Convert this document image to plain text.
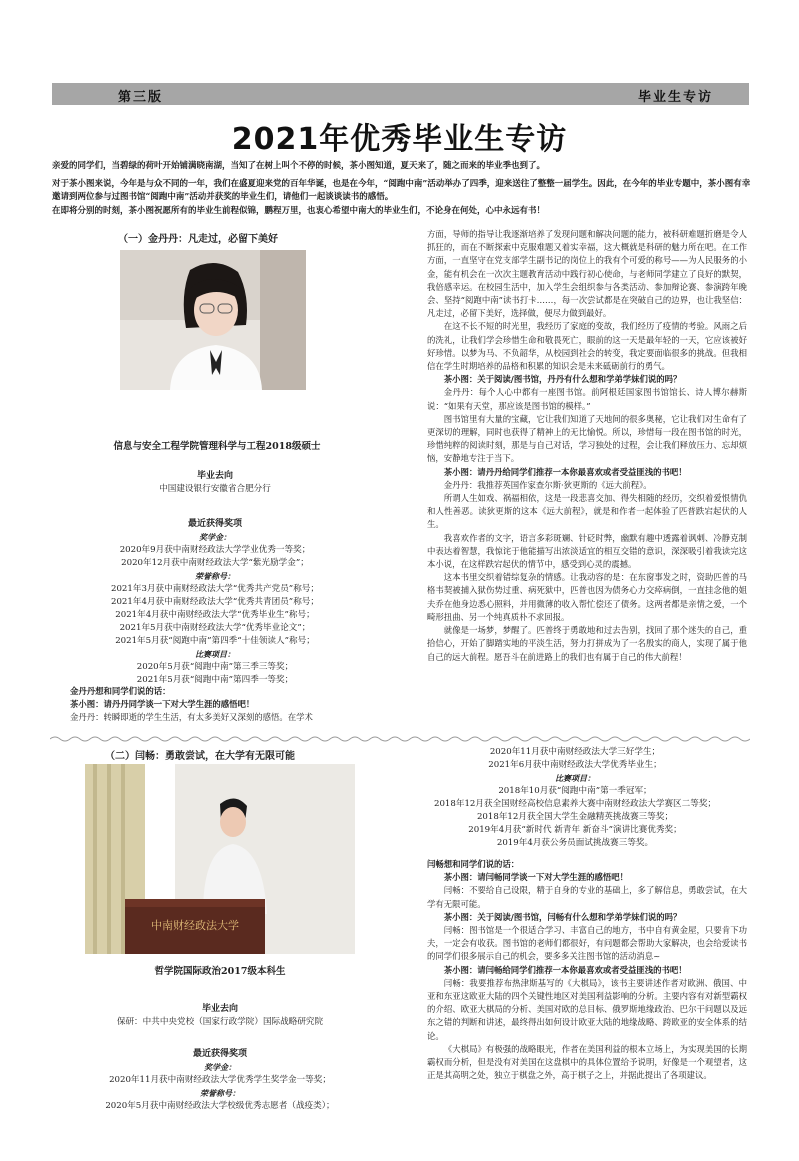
第三版	毕业生专访
2021年优秀毕业生专访
亲爱的同学们，当碧绿的荷叶开始铺满晓南湖，当知了在树上叫个不停的时候，茶小图知道，夏天来了，随之而来的毕业季也到了。
对于茶小图来说，今年是与众不同的一年，我们在盛夏迎来党的百年华诞，也是在今年，“阅跑中南”活动举办了四季，迎来送往了整整一届学生。因此，在今年的毕业专题中，茶小图有幸邀请到两位参与过图书馆“阅跑中南”活动并获奖的毕业生们，请他们一起谈谈读书的感悟。
在即将分别的时刻，茶小图祝愿所有的毕业生前程似锦，鹏程万里，也衷心希望中南大的毕业生们，不论身在何处，心中永远有书！
（一）金丹丹：凡走过，必留下美好
信息与安全工程学院管理科学与工程2018级硕士
毕业去向
中国建设银行安徽省合肥分行
最近获得奖项
奖学金：
2020年9月获中南财经政法大学学业优秀一等奖；
2020年12月获中南财经政法大学“紫光励学金”；
荣誉称号：
2021年3月获中南财经政法大学“优秀共产党员”称号；
2021年4月获中南财经政法大学“优秀共青团员”称号；
2021年4月获中南财经政法大学“优秀毕业生”称号；
2021年5月获中南财经政法大学“优秀毕业论文”；
2021年5月获“阅跑中南”第四季“十佳领读人”称号；
比赛项目：
2020年5月获“阅跑中南”第三季三等奖；
2021年5月获“阅跑中南”第四季一等奖；

金丹丹想和同学们说的话：

茶小图：请丹丹同学谈一下对大学生涯的感悟吧！

金丹丹：转瞬即逝的学生生活，有太多美好又深刻的感悟。在学术

方面，导师的指导让我逐渐培养了发现问题和解决问题的能力，被科研难题折磨是令人抓狂的，而在不断探索中克服难题又着实幸福，这大概就是科研的魅力所在吧。在工作方面，一直坚守在党支部学生副书记的岗位上的我有个可爱的称号——为人民服务的小金，能有机会在一次次主题教育活动中践行初心使命，与老师同学建立了良好的默契，我倍感幸运。在校园生活中，加入学生会组织参与各类活动、参加辩论赛、参演跨年晚会、坚持“阅跑中南”读书打卡……，每一次尝试都是在突破自己的边界，也让我坚信：凡走过，必留下美好，选择做，便尽力做到最好。

在这不长不短的时光里，我经历了家庭的变故，我们经历了疫情的考验。风雨之后的洗礼，让我们学会珍惜生命和敬畏死亡，眼前的这一天是最年轻的一天，它应该被好好珍惜。以梦为马、不负韶华，从校园到社会的转变，我定要面临很多的挑战。但我相信在学生时期培养的品格和积累的知识会是未来砥砺前行的勇气。

茶小图：关于阅读/图书馆，丹丹有什么想和学弟学妹们说的吗？

金丹丹：每个人心中都有一座图书馆。前阿根廷国家图书馆馆长、诗人博尔赫斯说：“如果有天堂，那应该是图书馆的模样。”

图书馆里有大量的宝藏，它让我们知道了天地间的很多奥秘，它让我们对生命有了更深切的理解，同时也获得了精神上的无比愉悦。所以，珍惜每一段在图书馆的时光，珍惜纯粹的阅读时刻，那是与自己对话，学习独处的过程，会让我们释放压力、忘却烦恼，安静地专注于当下。

茶小图：请丹丹给同学们推荐一本你最喜欢或者受益匪浅的书吧！

金丹丹：我推荐英国作家查尔斯·狄更斯的《远大前程》。

所谓人生如戏、祸福相依，这是一段悲喜交加、得失相随的经历，交织着爱恨情仇和人性善恶。读狄更斯的这本《远大前程》，就是和作者一起体验了匹普跌宕起伏的人生。

我喜欢作者的文字，语言多彩斑斓、针砭时弊，幽默有趣中透露着讽刺、冷静克制中表达着智慧，我惊诧于他能描写出浓淡适宜的相互交错的意识，深深吸引着我读完这本小说，在这样跌宕起伏的情节中，感受到心灵的震撼。

这本书里交织着错综复杂的情感。让我动容的是：在东窗事发之时，资助匹普的马格韦契被捕入狱伤势过重、病死狱中，匹普也因为债务心力交瘁病倒，一直挂念他的姐夫乔在他身边悉心照料，并用微薄的收入帮忙偿还了债务。这两者都是亲情之爱，一个畸形扭曲、另一个纯真质朴不求回报。

就像是一场梦，梦醒了。匹普终于勇敢地和过去告别，找回了那个迷失的自己，重拾信心，开始了脚踏实地的平淡生活，努力打拼成为了一名殷实的商人，实现了属于他自己的远大前程。愿吾斗在前进路上的我们也有属于自己的伟大前程！

（二）闫畅：勇敢尝试，在大学有无限可能
中南财经政法大学
哲学院国际政治2017级本科生
毕业去向
保研：中共中央党校（国家行政学院）国际战略研究院
最近获得奖项
奖学金：
2020年11月获中南财经政法大学优秀学生奖学金一等奖；
荣誉称号：
2020年5月获中南财经政法大学校级优秀志愿者（战疫类）；
2020年11月获中南财经政法大学三好学生；
2021年6月获中南财经政法大学优秀毕业生；
比赛项目：
2018年10月获“阅跑中南”第一季冠军；
2018年12月获全国财经高校信息素养大赛中南财经政法大学赛区二等奖；
2018年12月获全国大学生金融精英挑战赛三等奖；
2019年4月获“新时代 新青年 新奋斗”演讲比赛优秀奖；
2019年4月获公务员面试挑战赛三等奖。

闫畅想和同学们说的话：

茶小图：请闫畅同学谈一下对大学生涯的感悟吧！

闫畅：不要给自己设限，精于自身的专业的基础上，多了解信息，勇敢尝试，在大学有无限可能。

茶小图：关于阅读/图书馆，闫畅有什么想和学弟学妹们说的吗？

闫畅：图书馆是一个很适合学习、丰富自己的地方，书中自有黄金屋，只要肯下功夫，一定会有收获。图书馆的老师们都很好，有问题都会帮助大家解决，也会给爱读书的同学们很多展示自己的机会，要多多关注图书馆的活动消息~

茶小图：请闫畅给同学们推荐一本你最喜欢或者受益匪浅的书吧！

闫畅：我要推荐布热津斯基写的《大棋局》，该书主要讲述作者对欧洲、俄国、中亚和东亚这欧亚大陆的四个关键性地区对美国利益影响的分析。主要内容有对新型霸权的介绍、欧亚大棋局的分析、美国对欧的总目标、俄罗斯地缘政治、巴尔干问题以及远东之错的判断和讲述，最终得出如何设计欧亚大陆的地缘战略、跨欧亚的安全体系的结论。

《大棋局》有极强的战略眼光，作者在美国利益的根本立场上，为实现美国的长期霸权而分析，但是没有对美国在这盘棋中的具体位置给予说明，好像是一个观望者，这正是其高明之处，独立于棋盘之外，高于棋子之上，并据此提出了各项建议。
